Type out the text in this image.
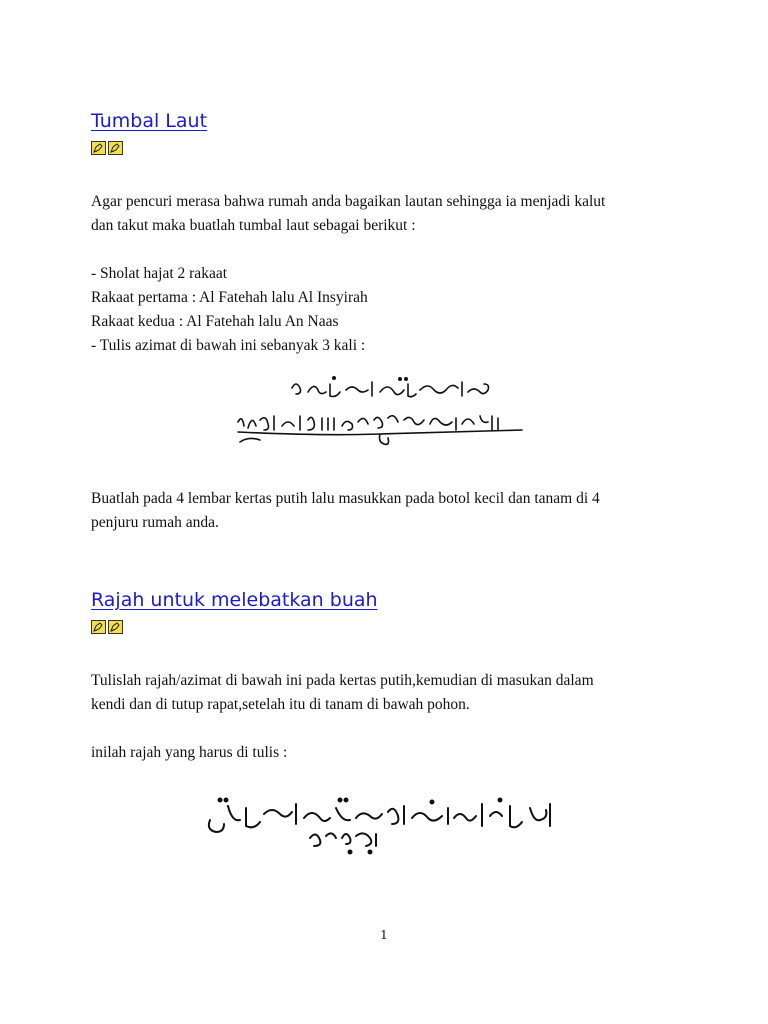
Tumbal Laut
Agar pencuri merasa bahwa rumah anda bagaikan lautan sehingga ia menjadi kalut
dan takut maka buatlah tumbal laut sebagai berikut :
- Sholat hajat 2 rakaat
Rakaat pertama : Al Fatehah lalu Al Insyirah
Rakaat kedua : Al Fatehah lalu An Naas
- Tulis azimat di bawah ini sebanyak 3 kali :
Buatlah pada 4 lembar kertas putih lalu masukkan pada botol kecil dan tanam di 4
penjuru rumah anda.
Rajah untuk melebatkan buah
Tulislah rajah/azimat di bawah ini pada kertas putih,kemudian di masukan dalam
kendi dan di tutup rapat,setelah itu di tanam di bawah pohon.
inilah rajah yang harus di tulis :
1
